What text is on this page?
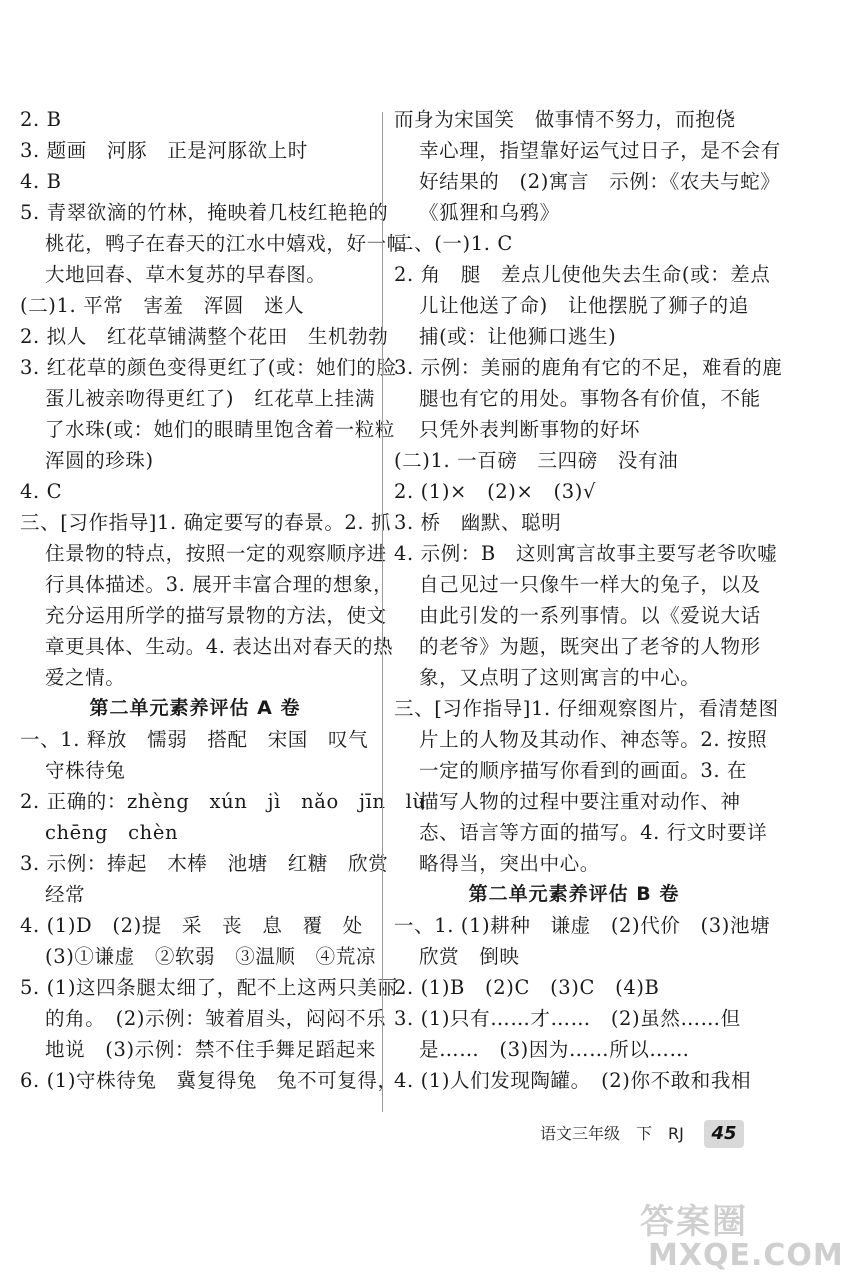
2. B
3. 题画　河豚　正是河豚欲上时
4. B
5. 青翠欲滴的竹林，掩映着几枝红艳艳的
桃花，鸭子在春天的江水中嬉戏，好一幅
大地回春、草木复苏的早春图。
(二)1. 平常　害羞　浑圆　迷人
2. 拟人　红花草铺满整个花田　生机勃勃
3. 红花草的颜色变得更红了(或：她们的脸
蛋儿被亲吻得更红了)　红花草上挂满
了水珠(或：她们的眼睛里饱含着一粒粒
浑圆的珍珠)
4. C
三、[习作指导]1. 确定要写的春景。2. 抓
住景物的特点，按照一定的观察顺序进
行具体描述。3. 展开丰富合理的想象，
充分运用所学的描写景物的方法，使文
章更具体、生动。4. 表达出对春天的热
爱之情。
第二单元素养评估 A 卷
一、1. 释放　懦弱　搭配　宋国　叹气
守株待兔
2. 正确的：zhèng　xún　jì　nǎo　jīn　lù
chēng　chèn
3. 示例：捧起　木棒　池塘　红糖　欣赏
经常
4. (1)D　(2)提　采　丧　息　覆　处
(3)①谦虚　②软弱　③温顺　④荒凉
5. (1)这四条腿太细了，配不上这两只美丽
的角。　(2)示例：皱着眉头，闷闷不乐
地说　(3)示例：禁不住手舞足蹈起来
6. (1)守株待兔　冀复得兔　兔不可复得，
而身为宋国笑　做事情不努力，而抱侥
幸心理，指望靠好运气过日子，是不会有
好结果的　(2)寓言　示例：《农夫与蛇》
《狐狸和乌鸦》
二、(一)1. C
2. 角　腿　差点儿使他失去生命(或：差点
儿让他送了命)　让他摆脱了狮子的追
捕(或：让他狮口逃生)
3. 示例：美丽的鹿角有它的不足，难看的鹿
腿也有它的用处。事物各有价值，不能
只凭外表判断事物的好坏
(二)1. 一百磅　三四磅　没有油
2. (1)×　(2)×　(3)√
3. 桥　幽默、聪明
4. 示例：B　这则寓言故事主要写老爷吹嘘
自己见过一只像牛一样大的兔子，以及
由此引发的一系列事情。以《爱说大话
的老爷》为题，既突出了老爷的人物形
象，又点明了这则寓言的中心。
三、[习作指导]1. 仔细观察图片，看清楚图
片上的人物及其动作、神态等。2. 按照
一定的顺序描写你看到的画面。3. 在
描写人物的过程中要注重对动作、神
态、语言等方面的描写。4. 行文时要详
略得当，突出中心。
第二单元素养评估 B 卷
一、1. (1)耕种　谦虚　(2)代价　(3)池塘
欣赏　倒映
2. (1)B　(2)C　(3)C　(4)B
3. (1)只有……才……　(2)虽然……但
是……　(3)因为……所以……
4. (1)人们发现陶罐。　(2)你不敢和我相
语文三年级　下　RJ	45
答案圈
MXQE.COM
